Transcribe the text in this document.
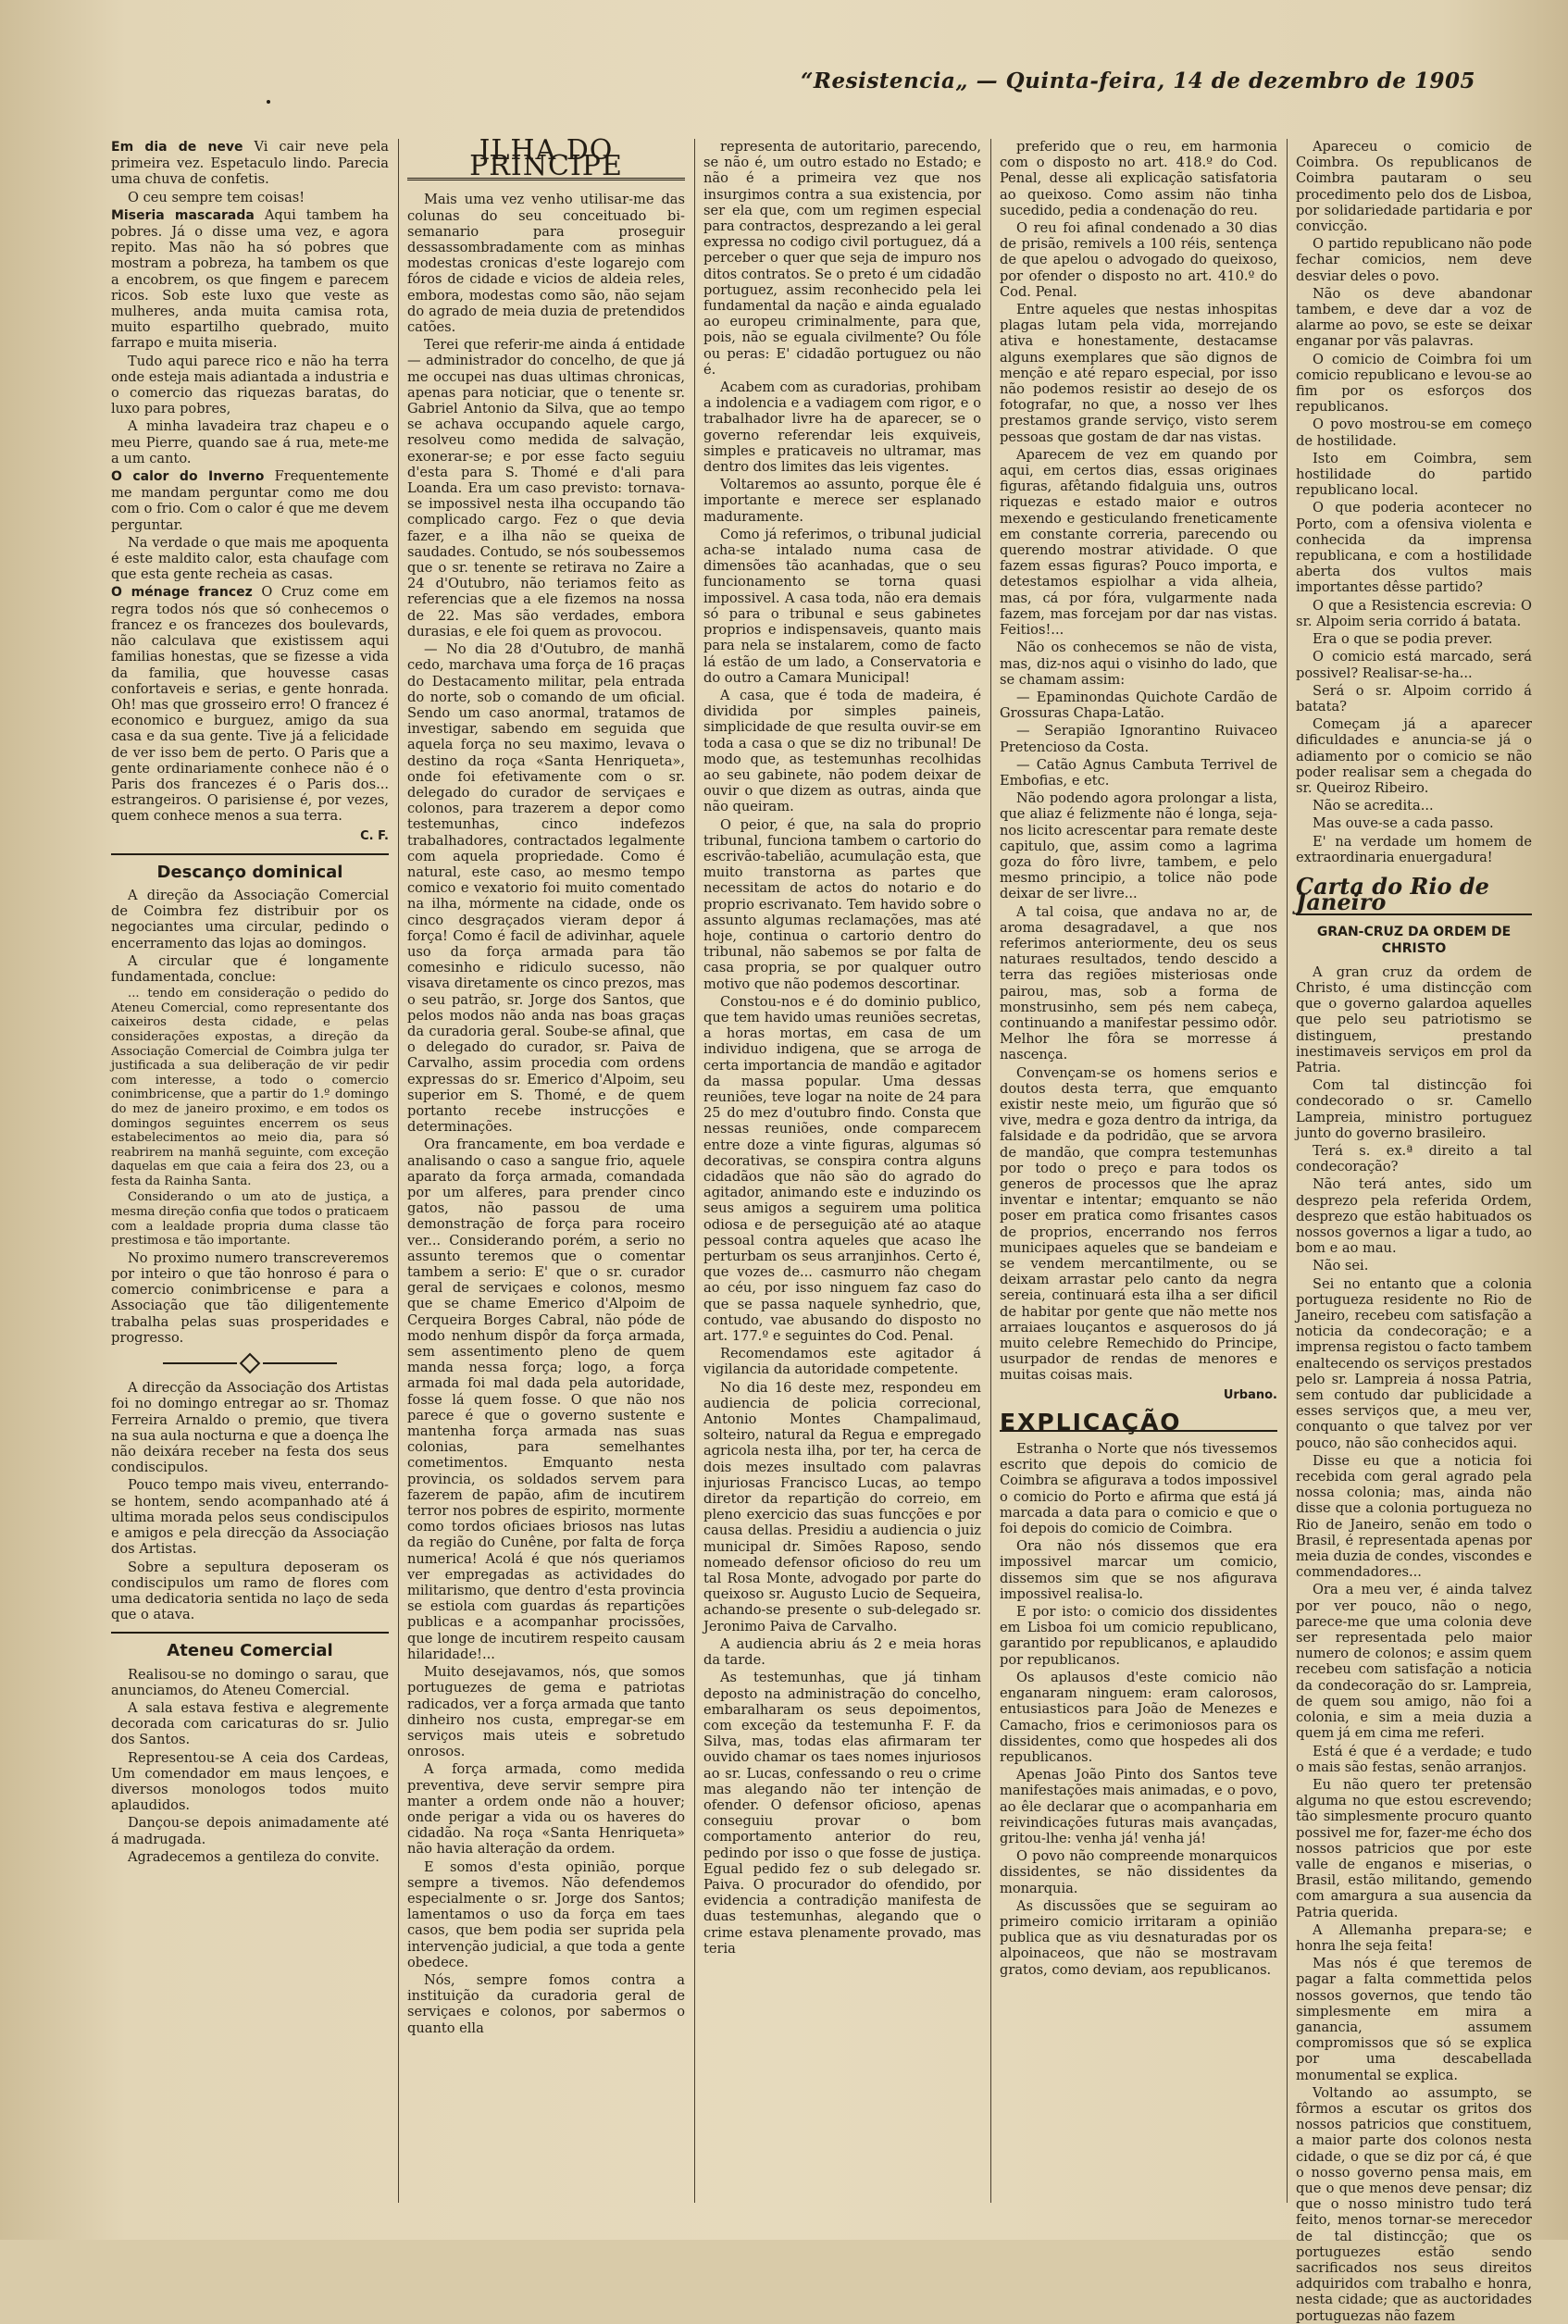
“Resistencia„ — Quinta-feira, 14 de dezembro de 1905

Em dia de neve Vi cair neve pela primeira vez. Espetaculo lindo. Parecia uma chuva de confetis.

O ceu sempre tem coisas!

Miseria mascarada Aqui tambem ha pobres. Já o disse uma vez, e agora repito. Mas não ha só pobres que mostram a pobreza, ha tambem os que a encobrem, os que fingem e parecem ricos. Sob este luxo que veste as mulheres, anda muita camisa rota, muito espartilho quebrado, muito farrapo e muita miseria.

Tudo aqui parece rico e não ha terra onde esteja mais adiantada a industria e o comercio das riquezas baratas, do luxo para pobres,

A minha lavadeira traz chapeu e o meu Pierre, quando sae á rua, mete-me a um canto.

O calor do Inverno Frequentemente me mandam perguntar como me dou com o frio. Com o calor é que me devem perguntar.

Na verdade o que mais me apoquenta é este maldito calor, esta chaufage com que esta gente recheia as casas.

O ménage francez O Cruz come em regra todos nós que só conhecemos o francez e os francezes dos boulevards, não calculava que existissem aqui familias honestas, que se fizesse a vida da familia, que houvesse casas confortaveis e serias, e gente honrada. Oh! mas que grosseiro erro! O francez é economico e burguez, amigo da sua casa e da sua gente. Tive já a felicidade de ver isso bem de perto. O Paris que a gente ordinariamente conhece não é o Paris dos francezes é o Paris dos... estrangeiros. O parisiense é, por vezes, quem conhece menos a sua terra.

C. F.
Descanço dominical

A direção da Associação Comercial de Coimbra fez distribuir por os negociantes uma circular, pedindo o encerramento das lojas ao domingos.

A circular que é longamente fundamentada, conclue:

... tendo em consideração o pedido do Ateneu Comercial, como representante dos caixeiros desta cidade, e pelas considerações expostas, a direção da Associação Comercial de Coimbra julga ter justificada a sua deliberação de vir pedir com interesse, a todo o comercio conimbricense, que a partir do 1.º domingo do mez de janeiro proximo, e em todos os domingos seguintes encerrem os seus estabelecimentos ao meio dia, para só reabrirem na manhã seguinte, com exceção daquelas em que caia a feira dos 23, ou a festa da Rainha Santa.

Considerando o um ato de justiça, a mesma direção confia que todos o praticaem com a lealdade propria duma classe tão prestimosa e tão importante.

No proximo numero transcreveremos por inteiro o que tão honroso é para o comercio conimbricense e para a Associação que tão diligentemente trabalha pelas suas prosperidades e progresso.

A direcção da Associação dos Artistas foi no domingo entregar ao sr. Thomaz Ferreira Arnaldo o premio, que tivera na sua aula nocturna e que a doença lhe não deixára receber na festa dos seus condiscipulos.

Pouco tempo mais viveu, enterrando-se hontem, sendo acompanhado até á ultima morada pelos seus condiscipulos e amigos e pela direcção da Associação dos Artistas.

Sobre a sepultura deposeram os condiscipulos um ramo de flores com uma dedicatoria sentida no laço de seda que o atava.

Ateneu Comercial

Realisou-se no domingo o sarau, que anunciamos, do Ateneu Comercial.

A sala estava festiva e alegremente decorada com caricaturas do sr. Julio dos Santos.

Representou-se A ceia dos Cardeas, Um comendador em maus lençoes, e diversos monologos todos muito aplaudidos.

Dançou-se depois animadamente até á madrugada.

Agradecemos a gentileza do convite.

ILHA DO PRINCIPE

Mais uma vez venho utilisar-me das colunas do seu conceituado bi-semanario para proseguir dessassombradamente com as minhas modestas cronicas d'este logarejo com fóros de cidade e vicios de aldeia reles, embora, modestas como são, não sejam do agrado de meia duzia de pretendidos catões.

Terei que referir-me ainda á entidade — administrador do concelho, de que já me occupei nas duas ultimas chronicas, apenas para noticiar, que o tenente sr. Gabriel Antonio da Silva, que ao tempo se achava occupando aquele cargo, resolveu como medida de salvação, exonerar-se; e por esse facto seguiu d'esta para S. Thomé e d'ali para Loanda. Era um caso previsto: tornava-se impossivel nesta ilha occupando tão complicado cargo. Fez o que devia fazer, e a ilha não se queixa de saudades. Contudo, se nós soubessemos que o sr. tenente se retirava no Zaire a 24 d'Outubro, não teriamos feito as referencias que a ele fizemos na nossa de 22. Mas são verdades, embora durasias, e ele foi quem as provocou.

— No dia 28 d'Outubro, de manhã cedo, marchava uma força de 16 praças do Destacamento militar, pela entrada do norte, sob o comando de um oficial. Sendo um caso anormal, tratamos de investigar, sabendo em seguida que aquela força no seu maximo, levava o destino da roça «Santa Henriqueta», onde foi efetivamente com o sr. delegado do curador de serviçaes e colonos, para trazerem a depor como testemunhas, cinco indefezos trabalhadores, contractados legalmente com aquela propriedade. Como é natural, este caso, ao mesmo tempo comico e vexatorio foi muito comentado na ilha, mórmente na cidade, onde os cinco desgraçados vieram depor á força! Como é facil de adivinhar, aquele uso da força armada para tão comesinho e ridiculo sucesso, não visava diretamente os cinco prezos, mas o seu patrão, sr. Jorge dos Santos, que pelos modos não anda nas boas graças da curadoria geral. Soube-se afinal, que o delegado do curador, sr. Paiva de Carvalho, assim procedia com ordens expressas do sr. Emerico d'Alpoim, seu superior em S. Thomé, e de quem portanto recebe instrucções e determinações.

Ora francamente, em boa verdade e analisando o caso a sangue frio, aquele aparato da força armada, comandada por um alferes, para prender cinco gatos, não passou de uma demonstração de força para roceiro ver... Considerando porém, a serio no assunto teremos que o comentar tambem a serio: E' que o sr. curador geral de serviçaes e colonos, mesmo que se chame Emerico d'Alpoim de Cerqueira Borges Cabral, não póde de modo nenhum dispôr da força armada, sem assentimento pleno de quem manda nessa força; logo, a força armada foi mal dada pela autoridade, fosse lá quem fosse. O que não nos parece é que o governo sustente e mantenha força armada nas suas colonias, para semelhantes cometimentos. Emquanto nesta provincia, os soldados servem para fazerem de papão, afim de incutirem terror nos pobres de espirito, mormente como tordos oficiaes briosos nas lutas da região do Cunêne, por falta de força numerica! Acolá é que nós queriamos ver empregadas as actividades do militarismo, que dentro d'esta provincia se estiola com guardas ás repartições publicas e a acompanhar procissões, que longe de incutirem respeito causam hilaridade!...

Muito desejavamos, nós, que somos portuguezes de gema e patriotas radicados, ver a força armada que tanto dinheiro nos custa, empregar-se em serviços mais uteis e sobretudo onrosos.

A força armada, como medida preventiva, deve servir sempre pira manter a ordem onde não a houver; onde perigar a vida ou os haveres do cidadão. Na roça «Santa Henriqueta» não havia alteração da ordem.

E somos d'esta opinião, porque sempre a tivemos. Não defendemos especialmente o sr. Jorge dos Santos; lamentamos o uso da força em taes casos, que bem podia ser suprida pela intervenção judicial, a que toda a gente obedece.

Nós, sempre fomos contra a instituição da curadoria geral de serviçaes e colonos, por sabermos o quanto ella

representa de autoritario, parecendo, se não é, um outro estado no Estado; e não é a primeira vez que nos insurgimos contra a sua existencia, por ser ela que, com um regimen especial para contractos, desprezando a lei geral expressa no codigo civil portuguez, dá a perceber o quer que seja de impuro nos ditos contratos. Se o preto é um cidadão portuguez, assim reconhecido pela lei fundamental da nação e ainda egualado ao europeu criminalmente, para que, pois, não se eguala civilmente? Ou fóle ou peras: E' cidadão portuguez ou não é.

Acabem com as curadorias, prohibam a indolencia e a vadiagem com rigor, e o trabalhador livre ha de aparecer, se o governo referendar leis exquiveis, simples e praticaveis no ultramar, mas dentro dos limites das leis vigentes.

Voltaremos ao assunto, porque êle é importante e merece ser esplanado maduramente.

Como já referimos, o tribunal judicial acha-se intalado numa casa de dimensões tão acanhadas, que o seu funcionamento se torna quasi impossivel. A casa toda, não era demais só para o tribunal e seus gabinetes proprios e indispensaveis, quanto mais para nela se instalarem, como de facto lá estão de um lado, a Conservatoria e do outro a Camara Municipal!

A casa, que é toda de madeira, é dividida por simples paineis, simplicidade de que resulta ouvir-se em toda a casa o que se diz no tribunal! De modo que, as testemunhas recolhidas ao seu gabinete, não podem deixar de ouvir o que dizem as outras, ainda que não queiram.

O peior, é que, na sala do proprio tribunal, funciona tambem o cartorio do escrivão-tabelião, acumulação esta, que muito transtorna as partes que necessitam de actos do notario e do proprio escrivanato. Tem havido sobre o assunto algumas reclamações, mas até hoje, continua o cartorio dentro do tribunal, não sabemos se por falta de casa propria, se por qualquer outro motivo que não podemos descortinar.

Constou-nos e é do dominio publico, que tem havido umas reuniões secretas, a horas mortas, em casa de um individuo indigena, que se arroga de certa importancia de mandão e agitador da massa popular. Uma dessas reuniões, teve logar na noite de 24 para 25 do mez d'outubro findo. Consta que nessas reuniões, onde comparecem entre doze a vinte figuras, algumas só decorativas, se conspira contra alguns cidadãos que não são do agrado do agitador, animando este e induzindo os seus amigos a seguirem uma politica odiosa e de perseguição até ao ataque pessoal contra aqueles que acaso lhe perturbam os seus arranjinhos. Certo é, que vozes de... casmurro não chegam ao céu, por isso ninguem faz caso do que se passa naquele synhedrio, que, contudo, vae abusando do disposto no art. 177.º e seguintes do Cod. Penal.

Recomendamos este agitador á vigilancia da autoridade competente.

No dia 16 deste mez, respondeu em audiencia de policia correcional, Antonio Montes Champalimaud, solteiro, natural da Regua e empregado agricola nesta ilha, por ter, ha cerca de dois mezes insultado com palavras injuriosas Francisco Lucas, ao tempo diretor da repartição do correio, em pleno exercicio das suas funcções e por causa dellas. Presidiu a audiencia o juiz municipal dr. Simões Raposo, sendo nomeado defensor oficioso do reu um tal Rosa Monte, advogado por parte do queixoso sr. Augusto Lucio de Sequeira, achando-se presente o sub-delegado sr. Jeronimo Paiva de Carvalho.

A audiencia abriu ás 2 e meia horas da tarde.

As testemunhas, que já tinham deposto na administração do concelho, embaralharam os seus depoimentos, com exceção da testemunha F. F. da Silva, mas, todas elas afirmaram ter ouvido chamar os taes nomes injuriosos ao sr. Lucas, confessando o reu o crime mas alegando não ter intenção de ofender. O defensor oficioso, apenas conseguiu provar o bom comportamento anterior do reu, pedindo por isso o que fosse de justiça. Egual pedido fez o sub delegado sr. Paiva. O procurador do ofendido, por evidencia a contradição manifesta de duas testemunhas, alegando que o crime estava plenamente provado, mas teria

preferido que o reu, em harmonia com o disposto no art. 418.º do Cod. Penal, desse ali explicação satisfatoria ao queixoso. Como assim não tinha sucedido, pedia a condenação do reu.

O reu foi afinal condenado a 30 dias de prisão, remivels a 100 réis, sentença de que apelou o advogado do queixoso, por ofender o disposto no art. 410.º do Cod. Penal.

Entre aqueles que nestas inhospitas plagas lutam pela vida, morrejando ativa e honestamente, destacamse alguns exemplares que são dignos de menção e até reparo especial, por isso não podemos resistir ao desejo de os fotografar, no que, a nosso ver lhes prestamos grande serviço, visto serem pessoas que gostam de dar nas vistas.

Aparecem de vez em quando por aqui, em certos dias, essas originaes figuras, afêtando fidalguia uns, outros riquezas e estado maior e outros mexendo e gesticulando freneticamente em constante correria, parecendo ou querendo mostrar atividade. O que fazem essas figuras? Pouco importa, e detestamos espiolhar a vida alheia, mas, cá por fóra, vulgarmente nada fazem, mas forcejam por dar nas vistas. Feitios!...

Não os conhecemos se não de vista, mas, diz-nos aqui o visinho do lado, que se chamam assim:

— Epaminondas Quichote Cardão de Grossuras Chapa-Latão.

— Serapião Ignorantino Ruivaceo Pretencioso da Costa.

— Catão Agnus Cambuta Terrivel de Embofias, e etc.

Não podendo agora prolongar a lista, que aliaz é felizmente não é longa, seja-nos licito acrescentar para remate deste capitulo, que, assim como a lagrima goza do fôro livre, tambem, e pelo mesmo principio, a tolice não pode deixar de ser livre...

A tal coisa, que andava no ar, de aroma desagradavel, a que nos referimos anteriormente, deu os seus naturaes resultados, tendo descido a terra das regiões misteriosas onde pairou, mas, sob a forma de monstrusinho, sem pés nem cabeça, continuando a manifestar pessimo odôr. Melhor lhe fôra se morresse á nascença.

Convençam-se os homens serios e doutos desta terra, que emquanto existir neste meio, um figurão que só vive, medra e goza dentro da intriga, da falsidade e da podridão, que se arvora de mandão, que compra testemunhas por todo o preço e para todos os generos de processos que lhe apraz inventar e intentar; emquanto se não poser em pratica como frisantes casos de proprios, encerrando nos ferros municipaes aqueles que se bandeiam e se vendem mercantilmente, ou se deixam arrastar pelo canto da negra sereia, continuará esta ilha a ser dificil de habitar por gente que não mette nos arraiaes louçantos e asquerosos do já muito celebre Remechido do Principe, usurpador de rendas de menores e muitas coisas mais.

Urbano.
EXPLICAÇÃO

Estranha o Norte que nós tivessemos escrito que depois do comicio de Coimbra se afigurava a todos impossivel o comicio do Porto e afirma que está já marcada a data para o comicio e que o foi depois do comicio de Coimbra.

Ora não nós dissemos que era impossivel marcar um comicio, dissemos sim que se nos afigurava impossivel realisa-lo.

E por isto: o comicio dos dissidentes em Lisboa foi um comicio republicano, garantido por republicanos, e aplaudido por republicanos.

Os aplausos d'este comicio não enganaram ninguem: eram calorosos, entusiasticos para João de Menezes e Camacho, frios e cerimoniosos para os dissidentes, como que hospedes ali dos republicanos.

Apenas João Pinto dos Santos teve manifestações mais animadas, e o povo, ao êle declarar que o acompanharia em reivindicações futuras mais avançadas, gritou-lhe: venha já! venha já!

O povo não compreende monarquicos dissidentes, se não dissidentes da monarquia.

As discussões que se seguiram ao primeiro comicio irritaram a opinião publica que as viu desnaturadas por os alpoinaceos, que não se mostravam gratos, como deviam, aos republicanos.

Apareceu o comicio de Coimbra. Os republicanos de Coimbra pautaram o seu procedimento pelo dos de Lisboa, por solidariedade partidaria e por convicção.

O partido republicano não pode fechar comicios, nem deve desviar deles o povo.

Não os deve abandonar tambem, e deve dar a voz de alarme ao povo, se este se deixar enganar por vãs palavras.

O comicio de Coimbra foi um comicio republicano e levou-se ao fim por os esforços dos republicanos.

O povo mostrou-se em começo de hostilidade.

Isto em Coimbra, sem hostilidade do partido republicano local.

O que poderia acontecer no Porto, com a ofensiva violenta e conhecida da imprensa republicana, e com a hostilidade aberta dos vultos mais importantes dêsse partido?

O que a Resistencia escrevia: O sr. Alpoim seria corrido á batata.

Era o que se podia prever.

O comicio está marcado, será possivel? Realisar-se-ha...

Será o sr. Alpoim corrido á batata?

Começam já a aparecer dificuldades e anuncia-se já o adiamento por o comicio se não poder realisar sem a chegada do sr. Queiroz Ribeiro.

Não se acredita...

Mas ouve-se a cada passo.

E' na verdade um homem de extraordinaria enuergadura!

Carta do Rio de Janeiro
GRAN-CRUZ DA ORDEM DE CHRISTO

A gran cruz da ordem de Christo, é uma distincção com que o governo galardoa aquelles que pelo seu patriotismo se distinguem, prestando inestimaveis serviços em prol da Patria.

Com tal distincção foi condecorado o sr. Camello Lampreia, ministro portuguez junto do governo brasileiro.

Terá s. ex.ª direito a tal condecoração?

Não terá antes, sido um desprezo pela referida Ordem, desprezo que estão habituados os nossos governos a ligar a tudo, ao bom e ao mau.

Não sei.

Sei no entanto que a colonia portugueza residente no Rio de Janeiro, recebeu com satisfação a noticia da condecoração; e a imprensa registou o facto tambem enaltecendo os serviços prestados pelo sr. Lampreia á nossa Patria, sem contudo dar publicidade a esses serviços que, a meu ver, conquanto o que talvez por ver pouco, não são conhecidos aqui.

Disse eu que a noticia foi recebida com geral agrado pela nossa colonia; mas, ainda não disse que a colonia portugueza no Rio de Janeiro, senão em todo o Brasil, é representada apenas por meia duzia de condes, viscondes e commendadores...

Ora a meu ver, é ainda talvez por ver pouco, não o nego, parece-me que uma colonia deve ser representada pelo maior numero de colonos; e assim quem recebeu com satisfação a noticia da condecoração do sr. Lampreia, de quem sou amigo, não foi a colonia, e sim a meia duzia a quem já em cima me referi.

Está é que é a verdade; e tudo o mais são festas, senão arranjos.

Eu não quero ter pretensão alguma no que estou escrevendo; tão simplesmente procuro quanto possivel me for, fazer-me écho dos nossos patricios que por este valle de enganos e miserias, o Brasil, estão militando, gemendo com amargura a sua ausencia da Patria querida.

A Allemanha prepara-se; e honra lhe seja feita!

Mas nós é que teremos de pagar a falta commettida pelos nossos governos, que tendo tão simplesmente em mira a ganancia, assumem compromissos que só se explica por uma descabellada monumental se explica.

Voltando ao assumpto, se fôrmos a escutar os gritos dos nossos patricios que constituem, a maior parte dos colonos nesta cidade, o que se diz por cá, é que o nosso governo pensa mais, em que o que menos deve pensar; diz que o nosso ministro tudo terá feito, menos tornar-se merecedor de tal distincção; que os portuguezes estão sendo sacrificados nos seus direitos adquiridos com trabalho e honra, nesta cidade; que as auctoridades portuguezas não fazem
